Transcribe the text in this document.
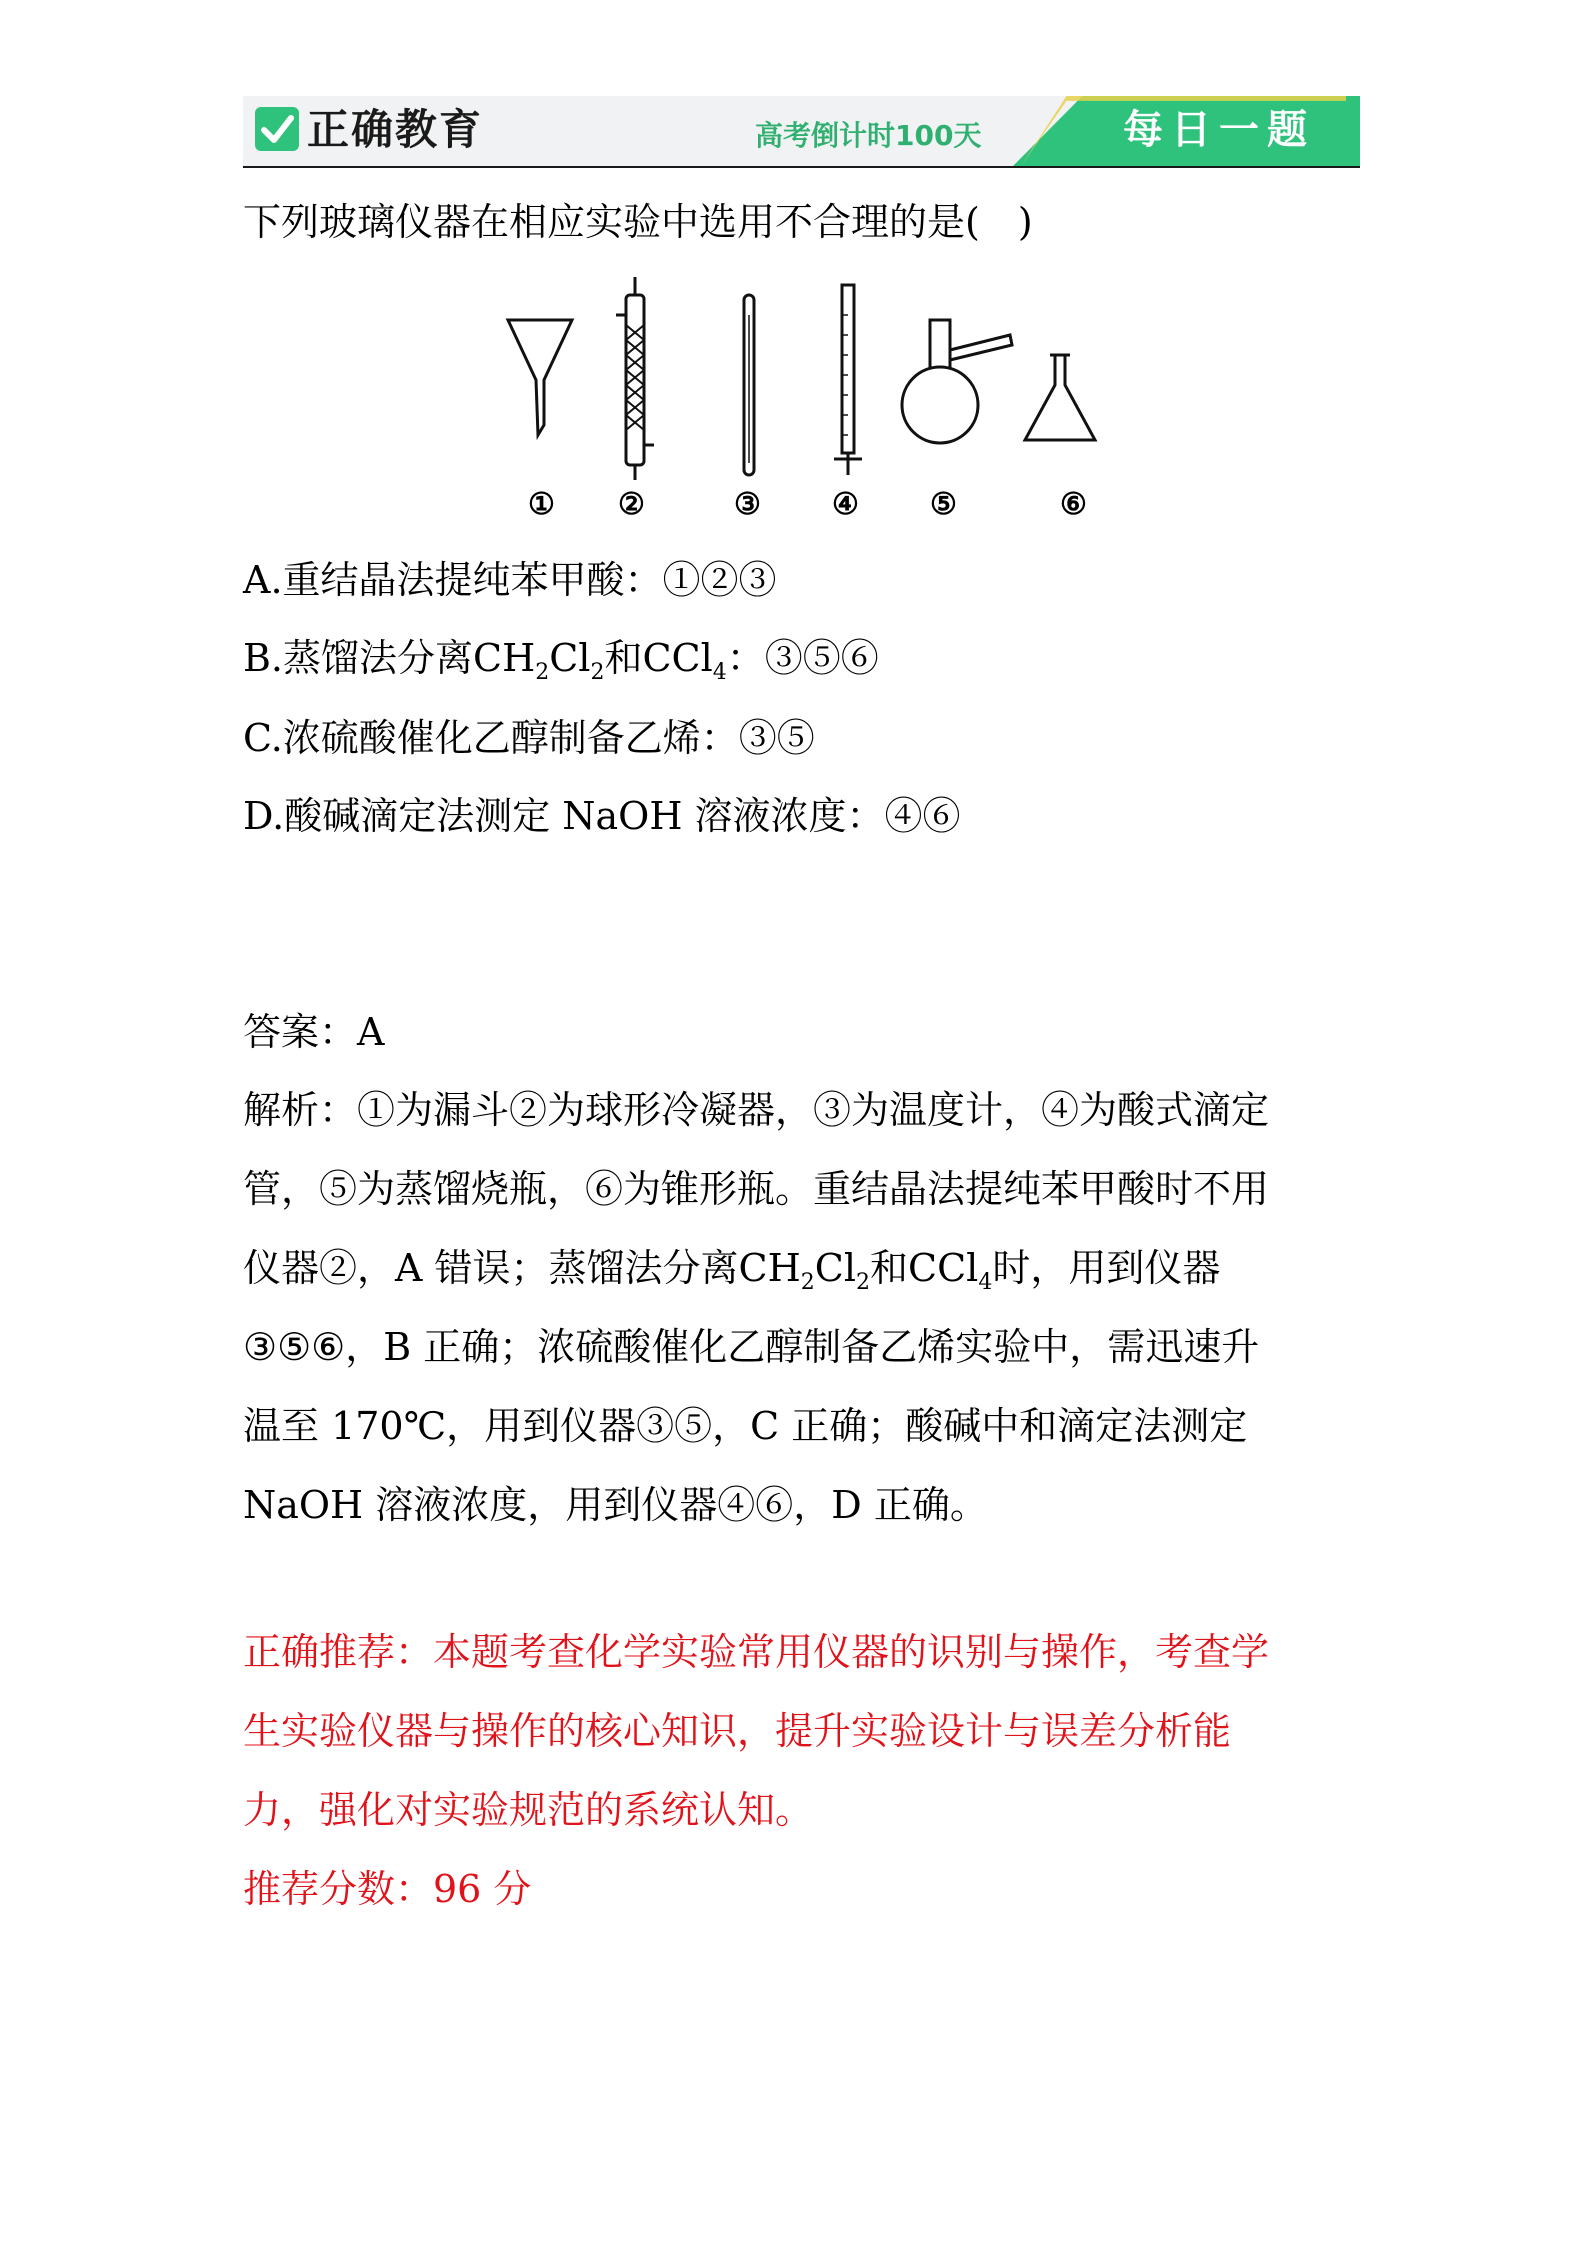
正确教育	高考倒计时100天	每日一题
下列玻璃仪器在相应实验中选用不合理的是(　)
① ②	③ ④ ⑤	⑥
A.重结晶法提纯苯甲酸：①②③
B.蒸馏法分离$CH_2Cl_2$和CCl$_4$：③⑤⑥
C.浓硫酸催化乙醇制备乙烯：③⑤
D.酸碱滴定法测定 NaOH 溶液浓度：④⑥
答案：A
解析：①为漏斗②为球形冷凝器，③为温度计，④为酸式滴定
管，⑤为蒸馏烧瓶，⑥为锥形瓶。重结晶法提纯苯甲酸时不用
仪器②，A 错误；蒸馏法分离$CH_2Cl_2$和CCl$_4$时，用到仪器
③⑤⑥，B 正确；浓硫酸催化乙醇制备乙烯实验中，需迅速升
温至 170℃，用到仪器③⑤，C 正确；酸碱中和滴定法测定
NaOH 溶液浓度，用到仪器④⑥，D 正确。
正确推荐：本题考查化学实验常用仪器的识别与操作，考查学
生实验仪器与操作的核心知识，提升实验设计与误差分析能
力，强化对实验规范的系统认知。
推荐分数：96 分
